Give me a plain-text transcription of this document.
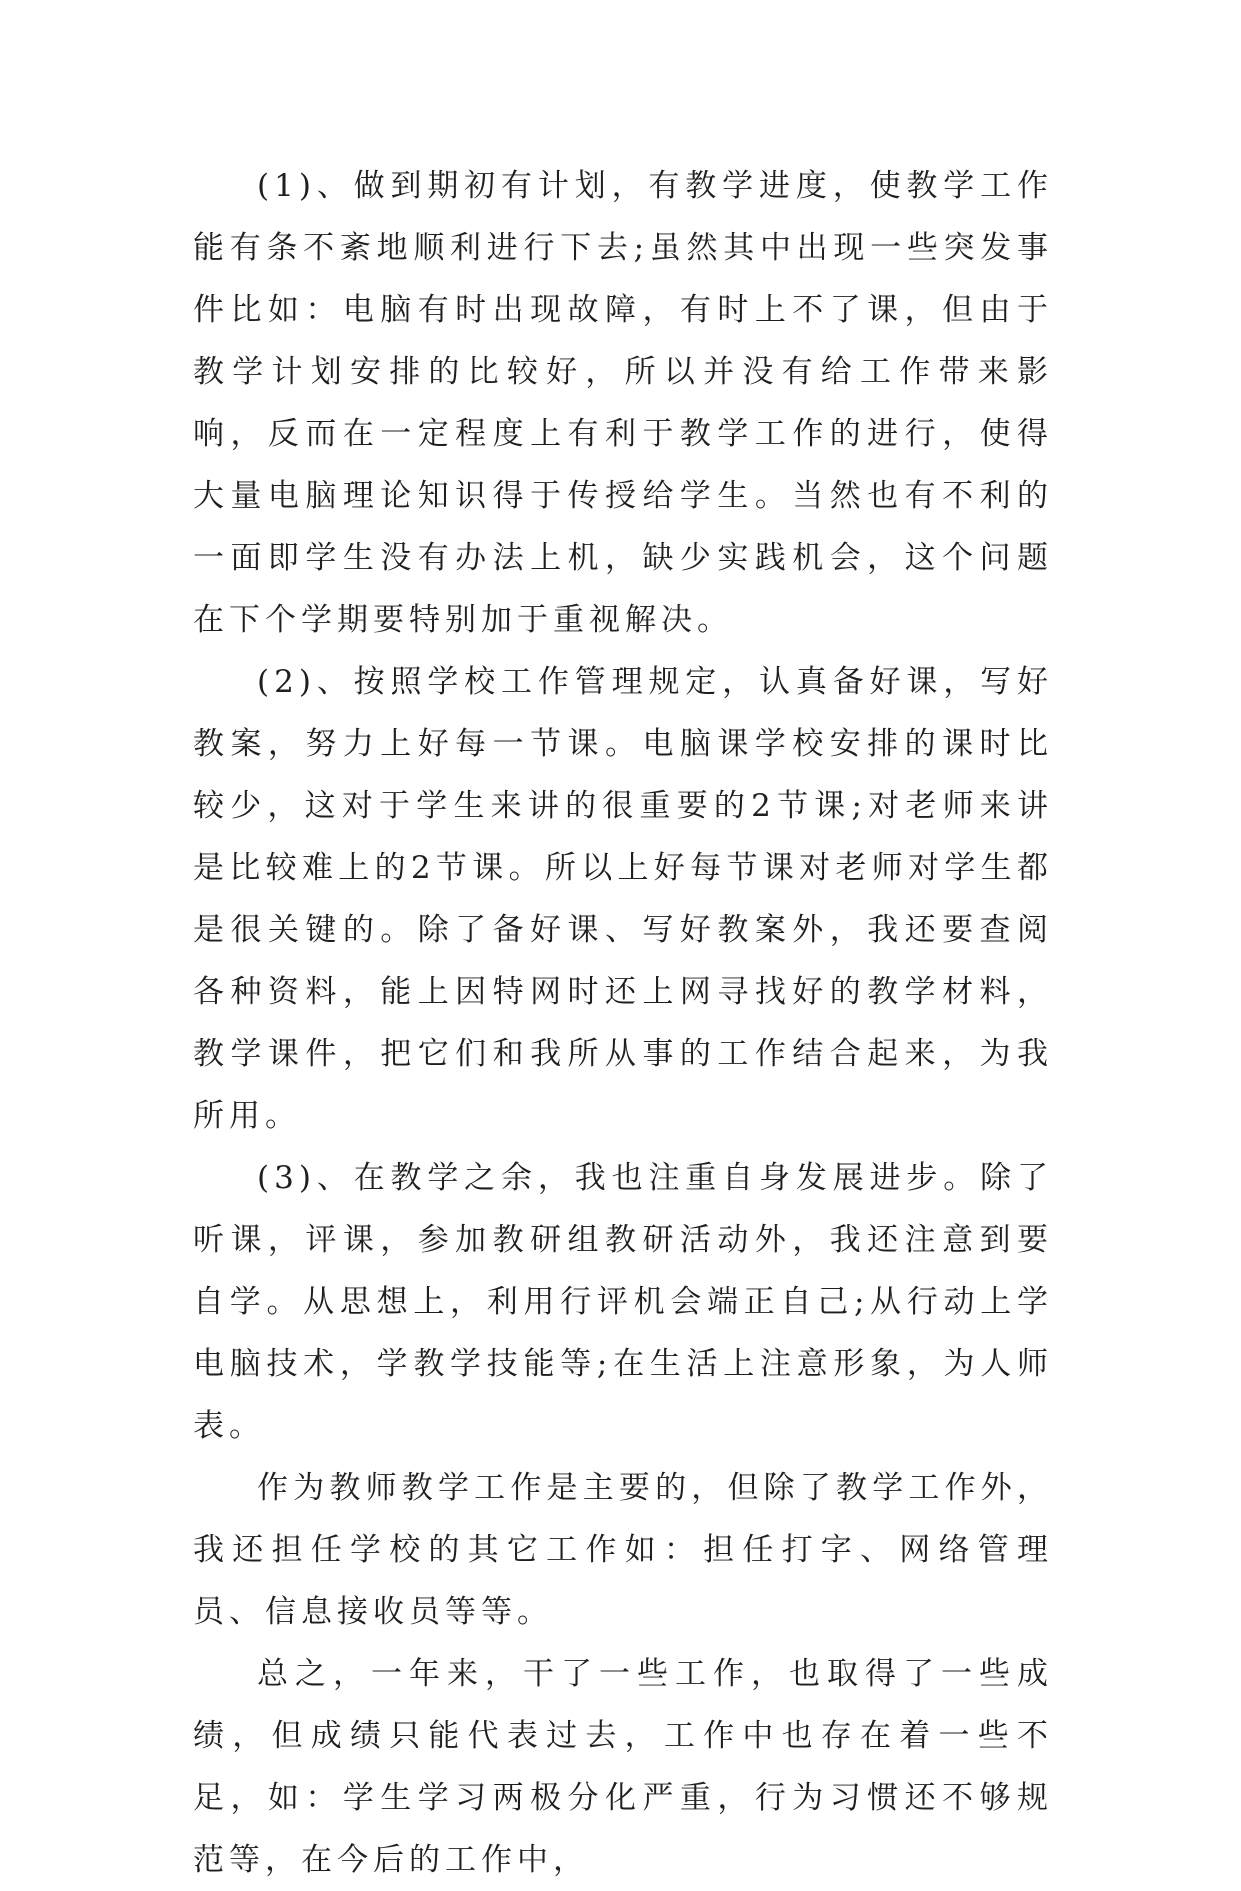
(1)、做到期初有计划，有教学进度，使教学工作能有条不紊地顺利进行下去;虽然其中出现一些突发事件比如：电脑有时出现故障，有时上不了课，但由于教学计划安排的比较好，所以并没有给工作带来影响，反而在一定程度上有利于教学工作的进行，使得大量电脑理论知识得于传授给学生。当然也有不利的一面即学生没有办法上机，缺少实践机会，这个问题在下个学期要特别加于重视解决。

(2)、按照学校工作管理规定，认真备好课，写好教案，努力上好每一节课。电脑课学校安排的课时比较少，这对于学生来讲的很重要的2节课;对老师来讲是比较难上的2节课。所以上好每节课对老师对学生都是很关键的。除了备好课、写好教案外，我还要查阅各种资料，能上因特网时还上网寻找好的教学材料，教学课件，把它们和我所从事的工作结合起来，为我所用。

(3)、在教学之余，我也注重自身发展进步。除了听课，评课，参加教研组教研活动外，我还注意到要自学。从思想上，利用行评机会端正自己;从行动上学电脑技术，学教学技能等;在生活上注意形象，为人师表。

作为教师教学工作是主要的，但除了教学工作外，我还担任学校的其它工作如：担任打字、网络管理员、信息接收员等等。

总之，一年来，干了一些工作，也取得了一些成绩，但成绩只能代表过去，工作中也存在着一些不足，如：学生学习两极分化严重，行为习惯还不够规范等，在今后的工作中，
